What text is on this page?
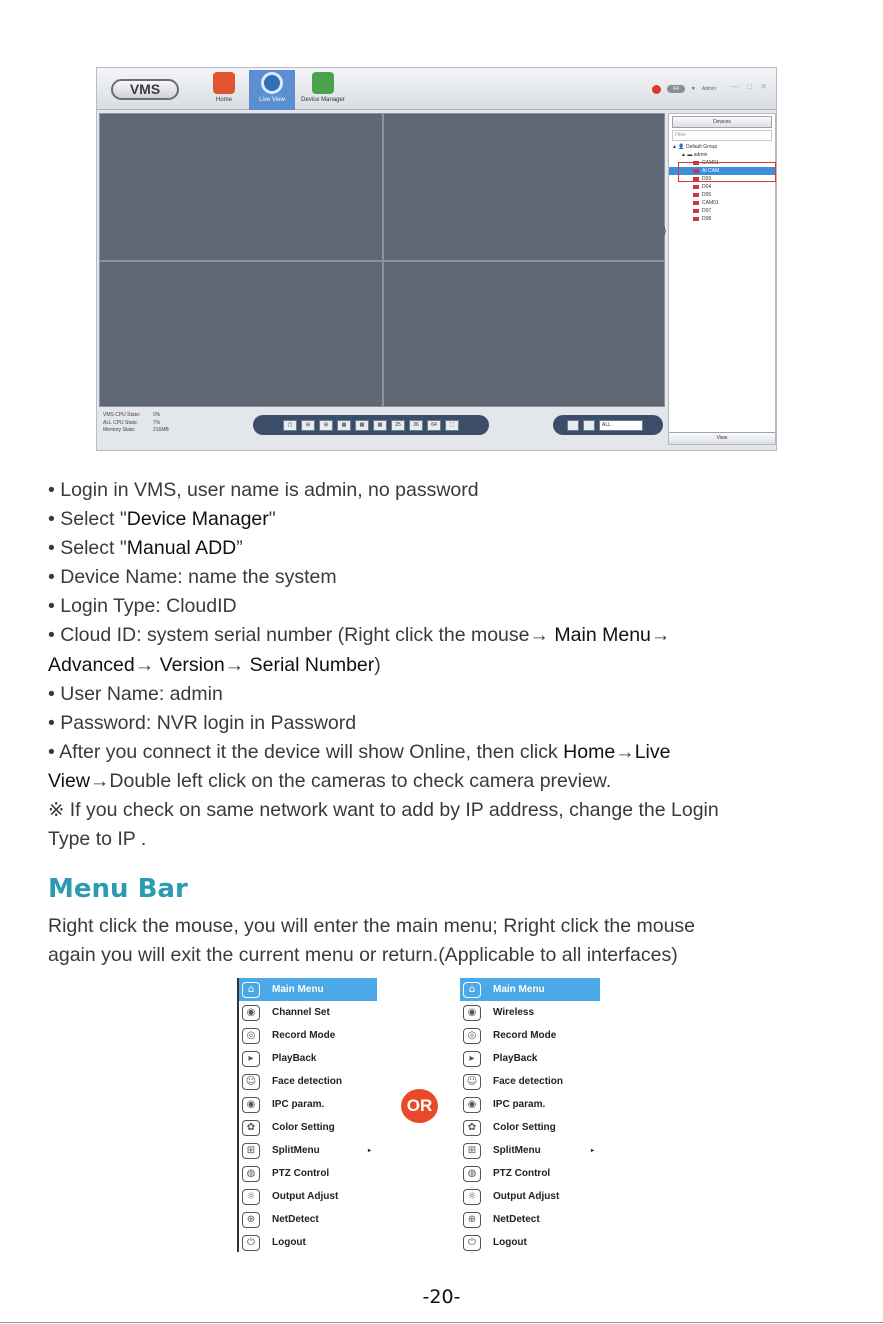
VMS
Home	Live View	Device Manager
64	▼ Admin — □ ✕
⟩
Devices
Filter
▲ 👤 Default Group
▲ ▬ admin
CAM01
AI CAM
D03
D04
D05
CAM01
D07
D08
View
VMS CPU State:	0%
ALL CPU State:	7%
Memory State:	216MB
▢	⊞	⊞	▦	▦	▦	25	36	64	⛶	ALL

• Login in VMS, user name is admin, no password

• Select "Device Manager"

• Select "Manual ADD”

• Device Name: name the system

• Login Type: CloudID

• Cloud ID: system serial number (Right click the mouse→ Main Menu→

Advanced→ Version→ Serial Number)

• User Name: admin

• Password: NVR login in Password

• After you connect it the device will show Online, then click Home→Live

View→Double left click on the cameras to check camera preview.

※ If you check on same network want to add by IP address, change the Login

Type to IP .

Menu Bar
Right click the mouse, you will enter the main menu; Rright click the mouse
again you will exit the current menu or return.(Applicable to all interfaces)
⌂	Main Menu
◉	Channel Set
◎	Record Mode
▸	PlayBack
☺	Face detection
◉	IPC param.
✿	Color Setting
⊞	SplitMenu	▸
◍	PTZ Control
☼	Output Adjust
⊕	NetDetect
⏻	Logout
OR
⌂	Main Menu
◉	Wireless
◎	Record Mode
▸	PlayBack
☺	Face detection
◉	IPC param.
✿	Color Setting
⊞	SplitMenu	▸
◍	PTZ Control
☼	Output Adjust
⊕	NetDetect
⏻	Logout
-20-
